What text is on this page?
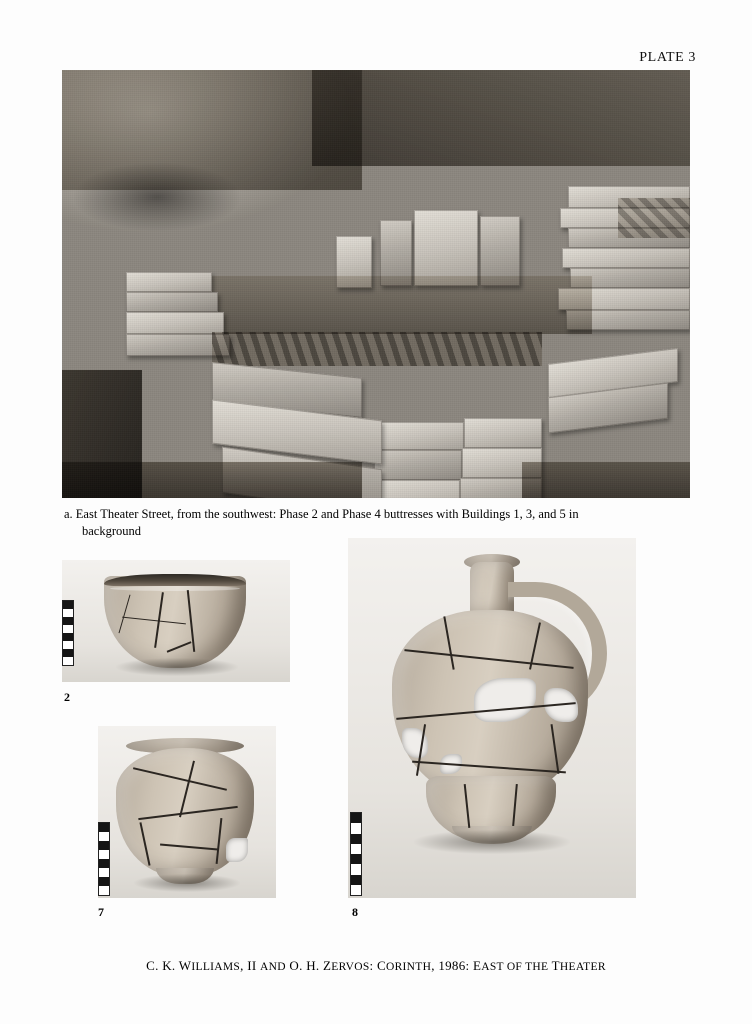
PLATE 3
a. East Theater Street, from the southwest: Phase 2 and Phase 4 buttresses with Buildings 1, 3, and 5 in
background
2
7	8
C. K. WILLIAMS, II AND O. H. ZERVOS: CORINTH, 1986: EAST OF THE THEATER
